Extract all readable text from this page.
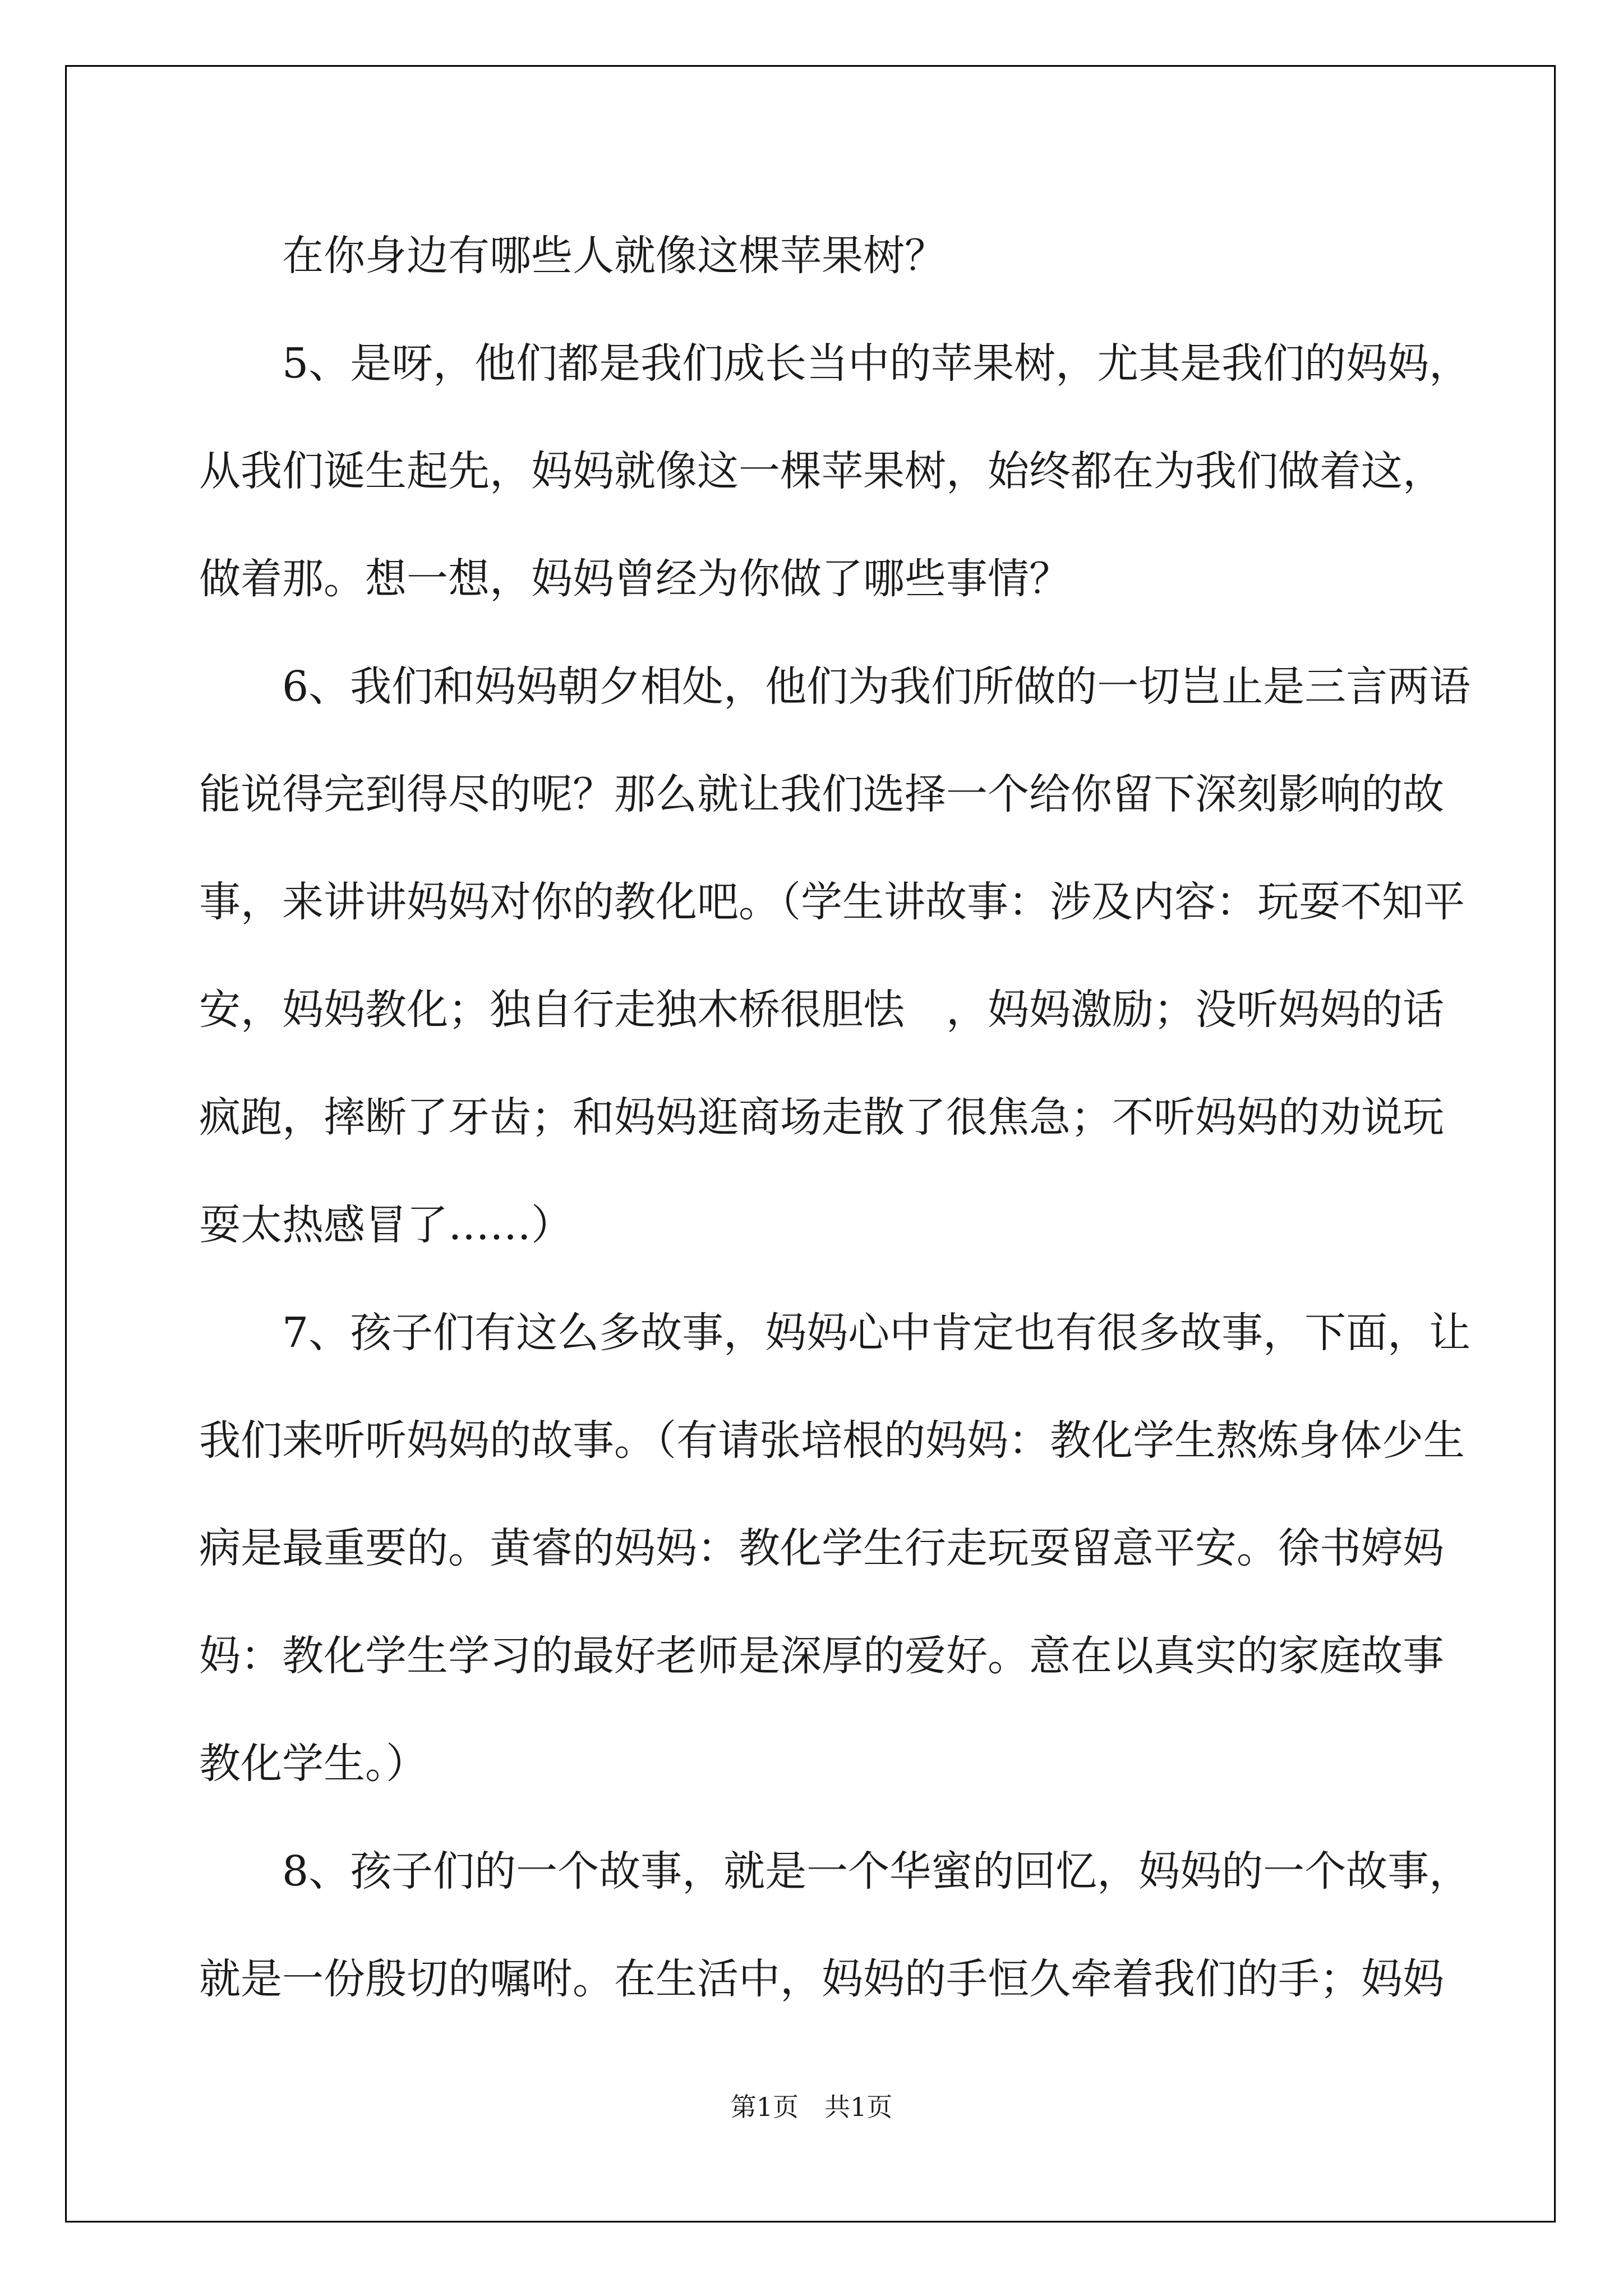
在你身边有哪些人就像这棵苹果树？
5、是呀，他们都是我们成长当中的苹果树，尤其是我们的妈妈，
从我们诞生起先，妈妈就像这一棵苹果树，始终都在为我们做着这，
做着那。想一想，妈妈曾经为你做了哪些事情？
6、我们和妈妈朝夕相处，他们为我们所做的一切岂止是三言两语
能说得完到得尽的呢？那么就让我们选择一个给你留下深刻影响的故
事，来讲讲妈妈对你的教化吧。（学生讲故事：涉及内容：玩耍不知平
安，妈妈教化；独自行走独木桥很胆怯　，妈妈激励；没听妈妈的话
疯跑，摔断了牙齿；和妈妈逛商场走散了很焦急；不听妈妈的劝说玩
耍太热感冒了……）
7、孩子们有这么多故事，妈妈心中肯定也有很多故事，下面，让
我们来听听妈妈的故事。（有请张培根的妈妈：教化学生熬炼身体少生
病是最重要的。黄睿的妈妈：教化学生行走玩耍留意平安。徐书婷妈
妈：教化学生学习的最好老师是深厚的爱好。意在以真实的家庭故事
教化学生。）
8、孩子们的一个故事，就是一个华蜜的回忆，妈妈的一个故事，
就是一份殷切的嘱咐。在生活中，妈妈的手恒久牵着我们的手；妈妈
第1页 共1页
